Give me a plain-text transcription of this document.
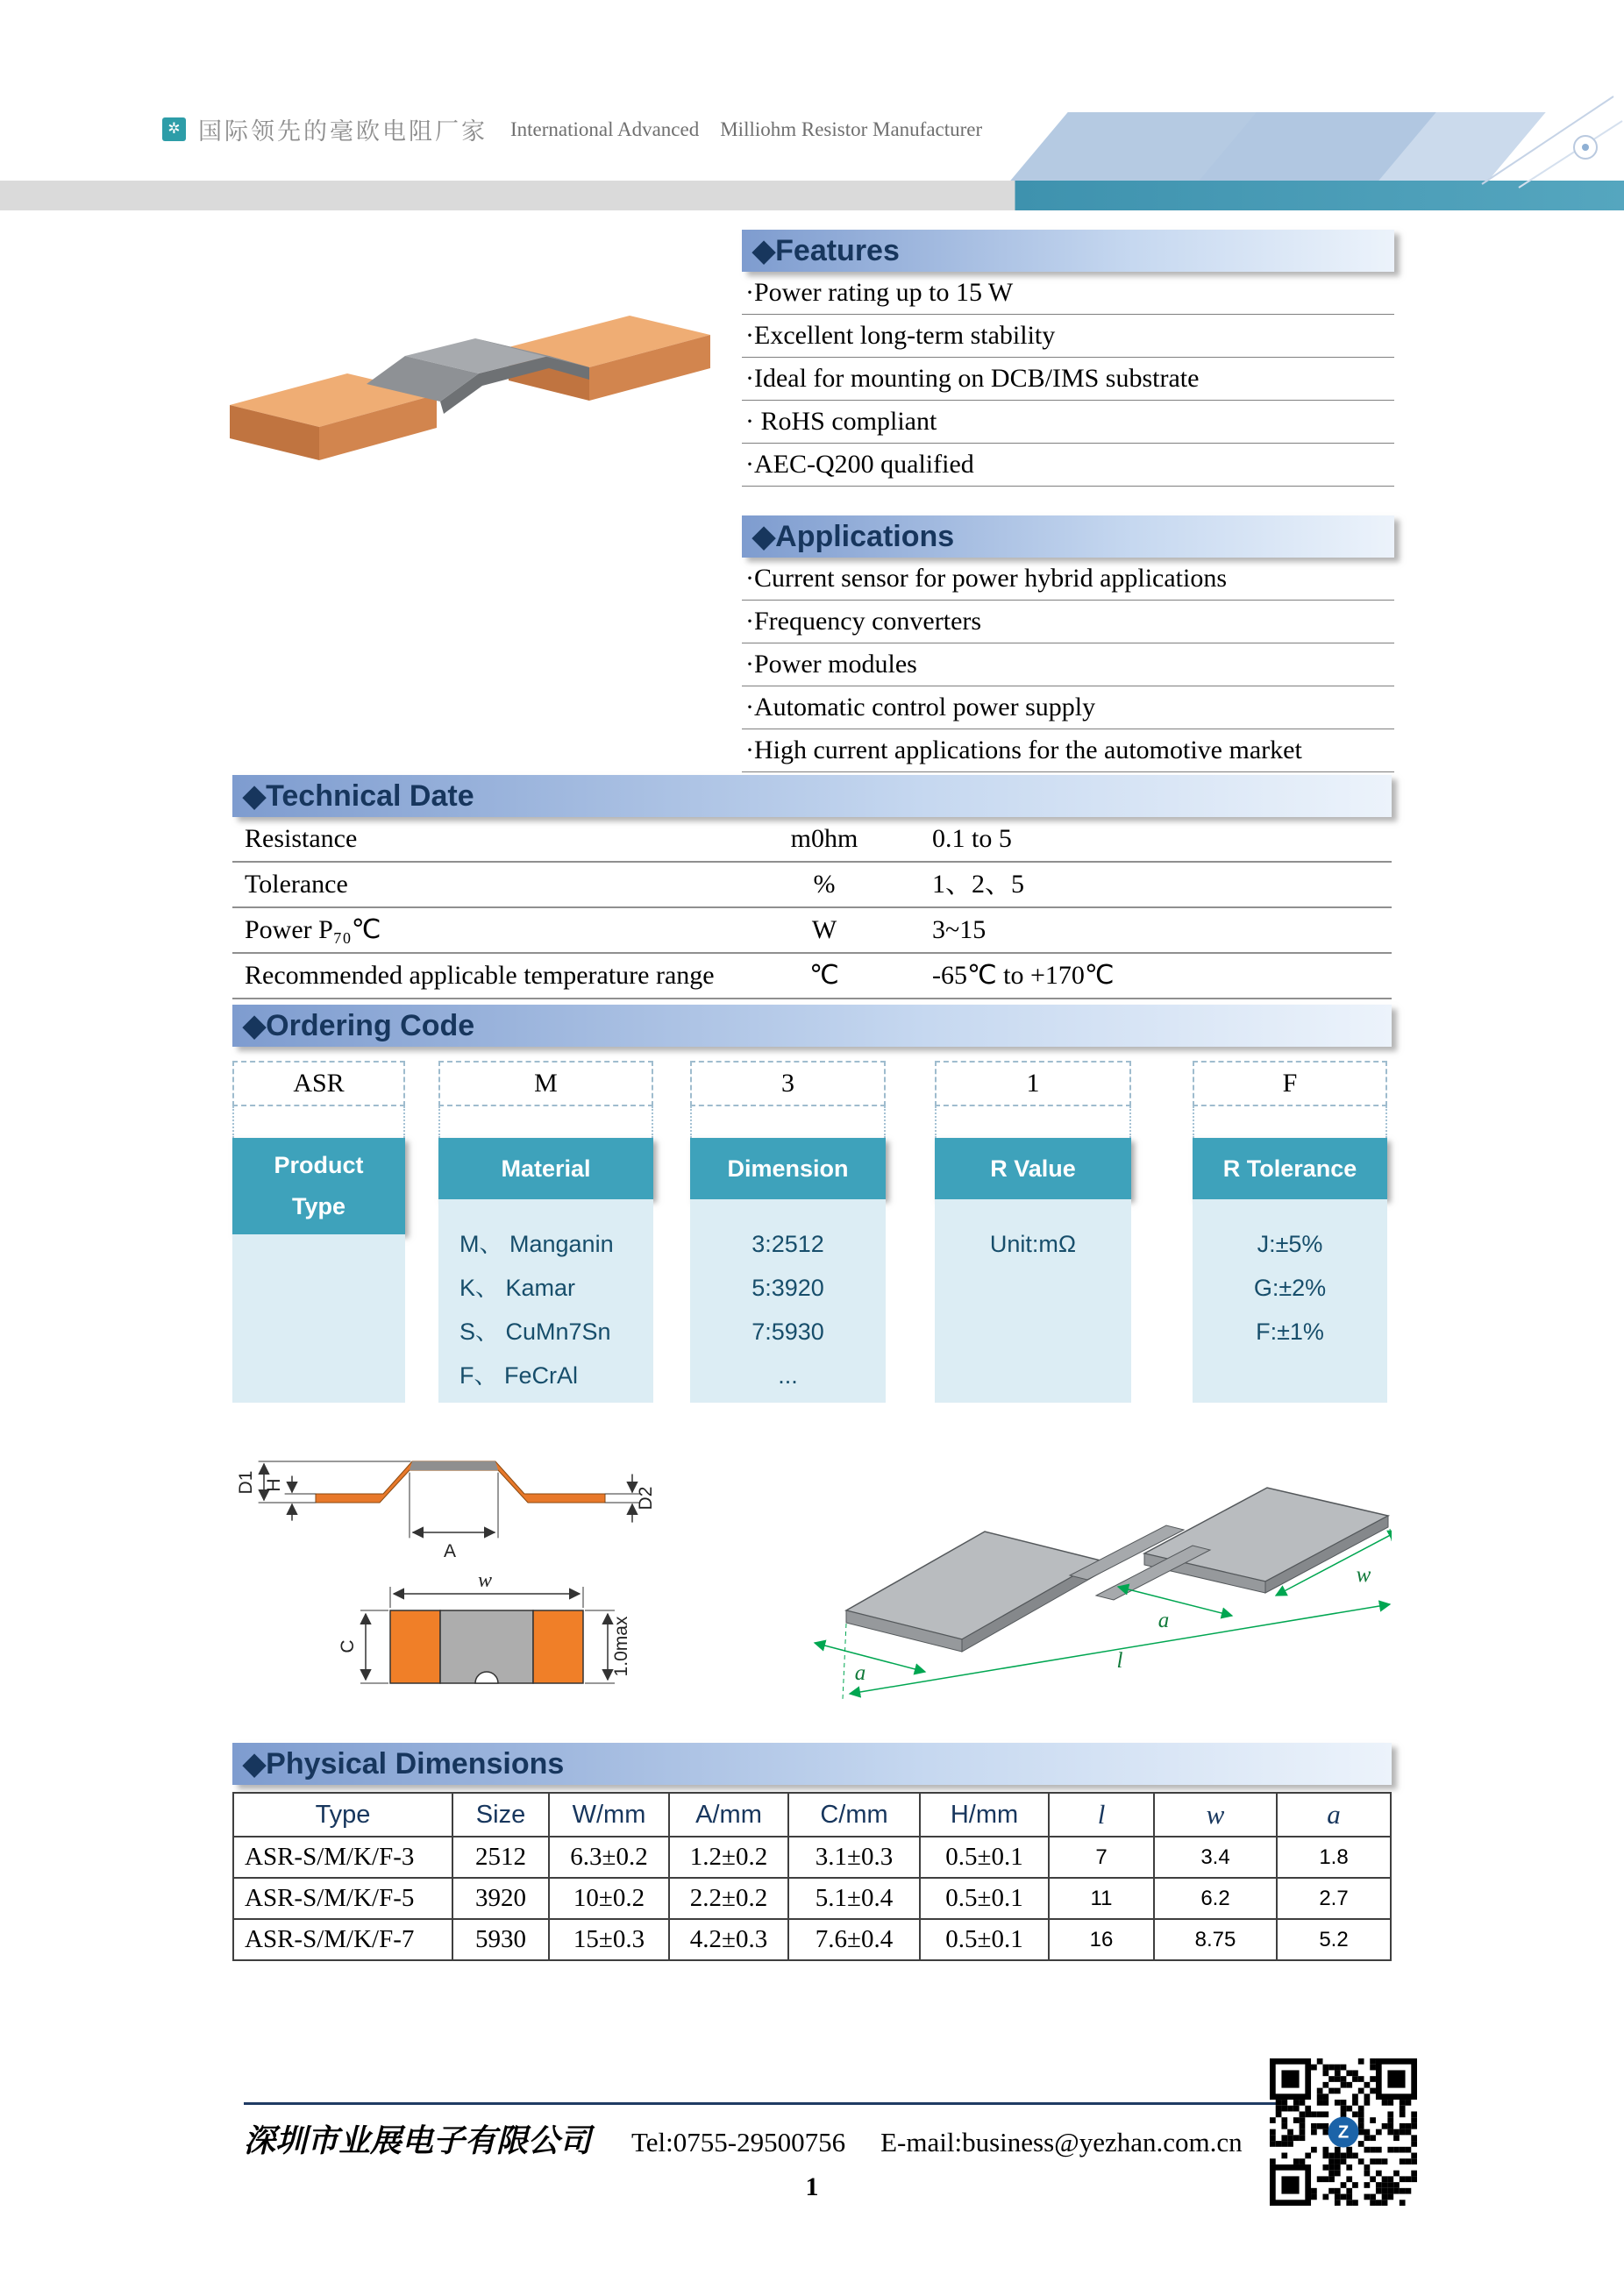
✲ 国际领先的毫欧电阻厂家 International Advanced Milliohm Resistor Manufacturer
◆Features
·Power rating up to 15 W
·Excellent long-term stability
·Ideal for mounting on DCB/IMS substrate
· RoHS compliant
·AEC-Q200 qualified
◆Applications
·Current sensor for power hybrid applications
·Frequency converters
·Power modules
·Automatic control power supply
·High current applications for the automotive market
◆Technical Date
Resistance	m0hm	0.1 to 5
Tolerance	%	1、2、5
Power P₇₀℃	W	3~15
Recommended applicable temperature range	℃	-65℃ to +170℃
◆Ordering Code
ASR	M	3	1	F
Product
Type
Material
M、 Manganin
K、 Kamar
S、 CuMn7Sn
F、 FeCrAl
Dimension
3:2512
5:3920
7:5930
...
R Value
Unit:mΩ
R Tolerance
J:±5%
G:±2%
F:±1%
D1 H
A
D2
w
C	1.0max	l
a
a
w
◆Physical Dimensions
Type	Size	W/mm	A/mm	C/mm	H/mm	l	w	a
ASR-S/M/K/F-3	2512	6.3±0.2	1.2±0.2	3.1±0.3	0.5±0.1	7	3.4	1.8
ASR-S/M/K/F-5	3920	10±0.2	2.2±0.2	5.1±0.4	0.5±0.1	11	6.2	2.7
ASR-S/M/K/F-7	5930	15±0.3	4.2±0.3	7.6±0.4	0.5±0.1	16	8.75	5.2
深圳市业展电子有限公司 Tel:0755-29500756 E-mail:business@yezhan.com.cn	Z
1
